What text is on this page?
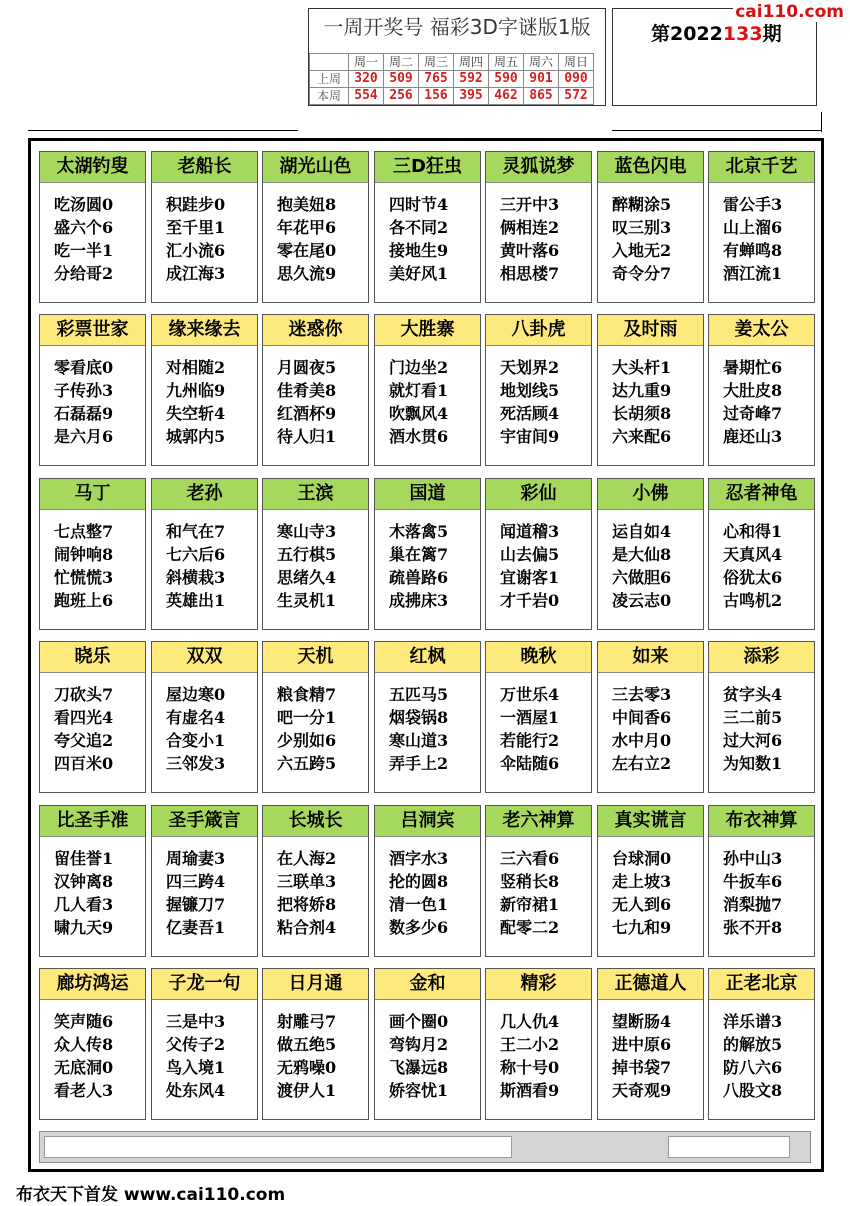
一周开奖号 福彩3D字谜版1版
	周一	周二	周三	周四	周五	周六	周日
上周	320	509	765	592	590	901	090
本周	554	256	156	395	462	865	572
第2022133期
cai110.com
太湖钓叟
吃汤圆0
盛六个6
吃一半1
分给哥2
老船长
积跬步0
至千里1
汇小流6
成江海3
湖光山色
抱美妞8
年花甲6
零在尾0
思久流9
三D狂虫
四时节4
各不同2
接地生9
美好风1
灵狐说梦
三开中3
俩相连2
黄叶落6
相思楼7
蓝色闪电
醉糊涂5
叹三别3
入地无2
奇令分7
北京千艺
雷公手3
山上溜6
有蝉鸣8
酒江流1
彩票世家
零看底0
子传孙3
石磊磊9
是六月6
缘来缘去
对相随2
九州临9
失空斩4
城郭内5
迷惑你
月圆夜5
佳肴美8
红酒杯9
待人归1
大胜寨
门边坐2
就灯看1
吹飘风4
酒水贯6
八卦虎
天划界2
地划线5
死活顾4
宇宙间9
及时雨
大头杆1
达九重9
长胡须8
六来配6
姜太公
暑期忙6
大肚皮8
过奇峰7
鹿还山3
马丁
七点整7
闹钟响8
忙慌慌3
跑班上6
老孙
和气在7
七六后6
斜横栽3
英雄出1
王滨
寒山寺3
五行棋5
思绪久4
生灵机1
国道
木落禽5
巢在篱7
疏兽路6
成拂床3
彩仙
闻道稽3
山去偏5
宜谢客1
才千岩0
小佛
运自如4
是大仙8
六做胆6
凌云志0
忍者神龟
心和得1
天真风4
俗犹太6
古鸣机2
晓乐
刀砍头7
看四光4
夸父追2
四百米0
双双
屋边寒0
有虚名4
合变小1
三邻发3
天机
粮食精7
吧一分1
少别如6
六五跨5
红枫
五匹马5
烟袋锅8
寒山道3
弄手上2
晚秋
万世乐4
一酒屋1
若能行2
伞陆随6
如来
三去零3
中间香6
水中月0
左右立2
添彩
贫字头4
三二前5
过大河6
为知数1
比圣手准
留佳誉1
汉钟离8
几人看3
啸九天9
圣手箴言
周瑜妻3
四三跨4
握镰刀7
亿妻吾1
长城长
在人海2
三联单3
把将娇8
粘合剂4
吕洞宾
酒字水3
抡的圆8
清一色1
数多少6
老六神算
三六看6
竖稍长8
新帘裙1
配零二2
真实谎言
台球洞0
走上坡3
无人到6
七九和9
布衣神算
孙中山3
牛扳车6
消梨抛7
张不开8
廊坊鸿运
笑声随6
众人传8
无底洞0
看老人3
子龙一句
三是中3
父传子2
鸟入境1
处东风4
日月通
射雕弓7
做五绝5
无鸦噪0
渡伊人1
金和
画个圈0
弯钩月2
飞瀑远8
娇容忧1
精彩
几人仇4
王二小2
称十号0
斯酒看9
正德道人
望断肠4
进中原6
掉书袋7
天奇观9
正老北京
洋乐谱3
的解放5
防八六6
八股文8
布衣天下首发 www.cai110.com
